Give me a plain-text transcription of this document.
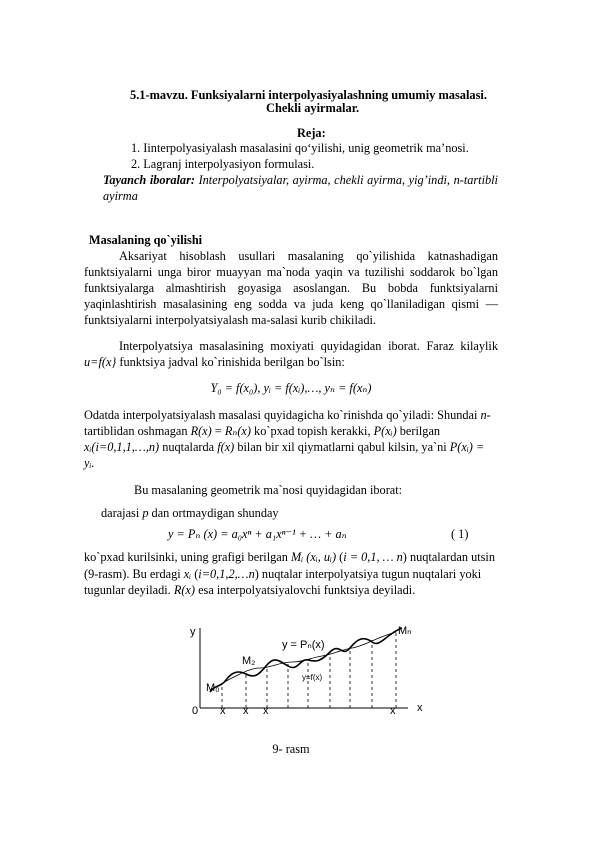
5.1-mavzu. Funksiyalarni interpolyasiyalashning umumiy masalasi.
Chekli ayirmalar.
Reja:
1. Iinterpolyasiyalash masalasini qo‘yilishi, unig geometrik ma’nosi.
2. Lagranj interpolyasiyon formulasi.
Tayanch iboralar: Interpolyatsiyalar, ayirma, chekli ayirma, yig’indi, n-tartibli
ayirma
Masalaning qo`yilishi
Aksariyat hisoblash usullari masalaning qo`yilishida katnashadigan
funktsiyalarni unga biror muayyan ma`noda yaqin va tuzilishi soddarok bo`lgan
funktsiyalarga almashtirish goyasiga asoslangan. Bu bobda funktsiyalarni
yaqinlashtirish masalasining eng sodda va juda keng qo`llaniladigan qismi —
funktsiyalarni interpolyatsiyalash ma-salasi kurib chikiladi.
Interpolyatsiya masalasining moxiyati quyidagidan iborat. Faraz kilaylik
u=f(x} funktsiya jadval ko`rinishida berilgan bo`lsin:
Y₀ = f(x₀), yᵢ = f(xᵢ),…, yₙ = f(xₙ)
Odatda interpolyatsiyalash masalasi quyidagicha ko`rinishda qo`yiladi: Shundai n-
tartiblidan oshmagan R(x) = Rₙ(x) ko`pxad topish kerakki, P(xᵢ) berilgan
xᵢ(i=0,1,1,…,n) nuqtalarda f(x) bilan bir xil qiymatlarni qabul kilsin, ya`ni P(xᵢ) =
yᵢ.
Bu masalaning geometrik ma`nosi quyidagidan iborat:
darajasi p dan ortmaydigan shunday
y = Pₙ (x) = a₀xⁿ + a₁xⁿ⁻¹ + … + aₙ	( 1)
ko`pxad kurilsinki, uning grafigi berilgan Mᵢ (xᵢ, uᵢ) (i = 0,1, … n) nuqtalardan utsin
(9-rasm). Bu erdagi xᵢ (i=0,1,2,…n) nuqtalar interpolyatsiya tugun nuqtalari yoki
tugunlar deyiladi. R(x) esa interpolyatsiyalovchi funktsiya deyiladi.
y	Mₙ
y = Pₙ(x)
M₂
y=f(x)
M₀
0 x x x	x x
9- rasm
